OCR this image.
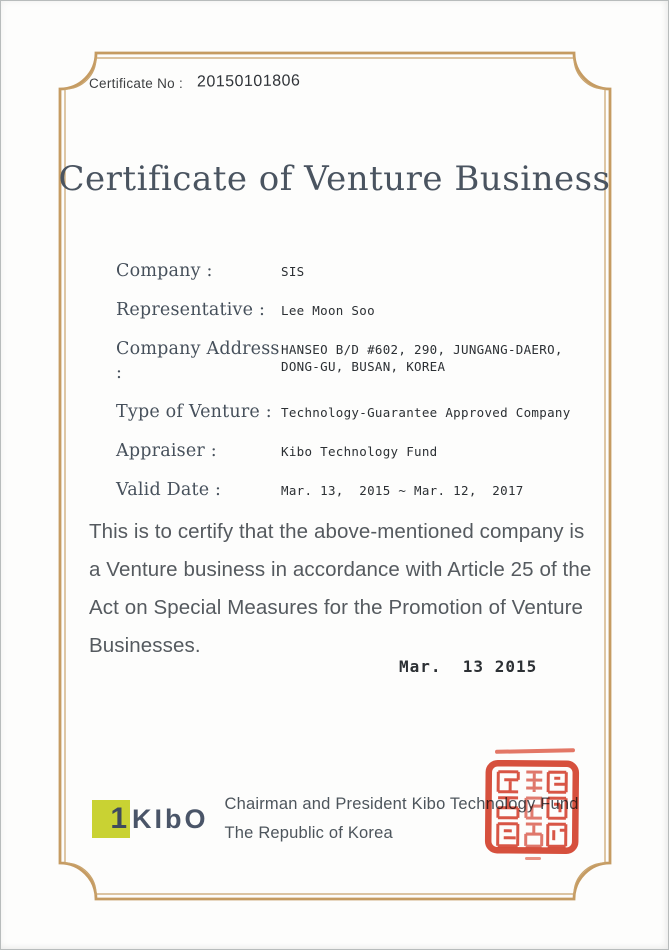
Certificate No : 20150101806
Certificate of Venture Business
Company :	SIS
Representative :	Lee Moon Soo
Company Address :
HANSEO B/D #602, 290, JUNGANG-DAERO, DONG-GU, BUSAN, KOREA
Type of Venture : Technology-Guarantee Approved Company
Appraiser :	Kibo Technology Fund
Valid Date :	Mar. 13,  2015 ~ Mar. 12,  2017

This is to certify that the above-mentioned company is a Venture business in accordance with Article 25 of the Act on Special Measures for the Promotion of Venture Businesses.

Mar.  13 2015
1 KIbO Chairman and President Kibo Technology Fund
The Republic of Korea
